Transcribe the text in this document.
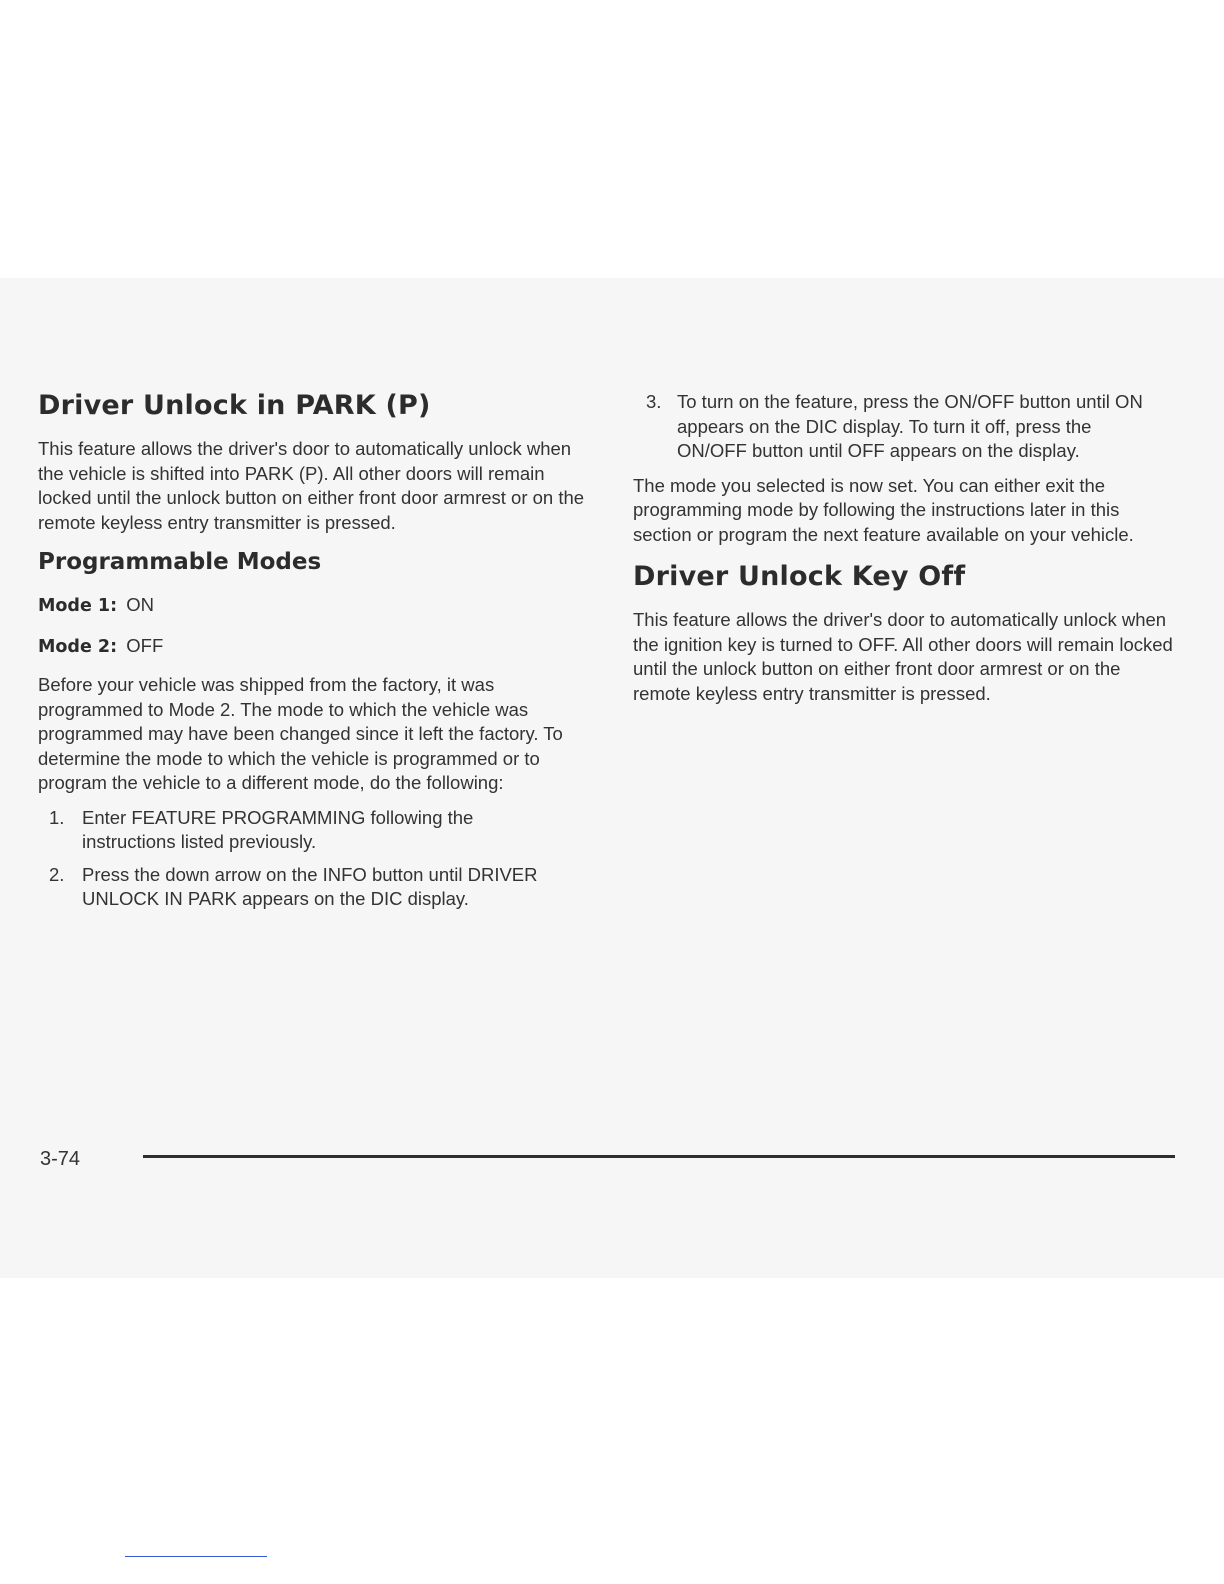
Driver Unlock in PARK (P)

This feature allows the driver's door to automatically unlock when the vehicle is shifted into PARK (P). All other doors will remain locked until the unlock button on either front door armrest or on the remote keyless entry transmitter is pressed.

Programmable Modes
Mode 1: ON
Mode 2: OFF

Before your vehicle was shipped from the factory, it was programmed to Mode 2. The mode to which the vehicle was programmed may have been changed since it left the factory. To determine the mode to which the vehicle is programmed or to program the vehicle to a different mode, do the following:

1. Enter FEATURE PROGRAMMING following the instructions listed previously.
2. Press the down arrow on the INFO button until DRIVER UNLOCK IN PARK appears on the DIC display.
3. To turn on the feature, press the ON/OFF button until ON appears on the DIC display. To turn it off, press the ON/OFF button until OFF appears on the display.

The mode you selected is now set. You can either exit the programming mode by following the instructions later in this section or program the next feature available on your vehicle.

Driver Unlock Key Off

This feature allows the driver's door to automatically unlock when the ignition key is turned to OFF. All other doors will remain locked until the unlock button on either front door armrest or on the remote keyless entry transmitter is pressed.

3-74
